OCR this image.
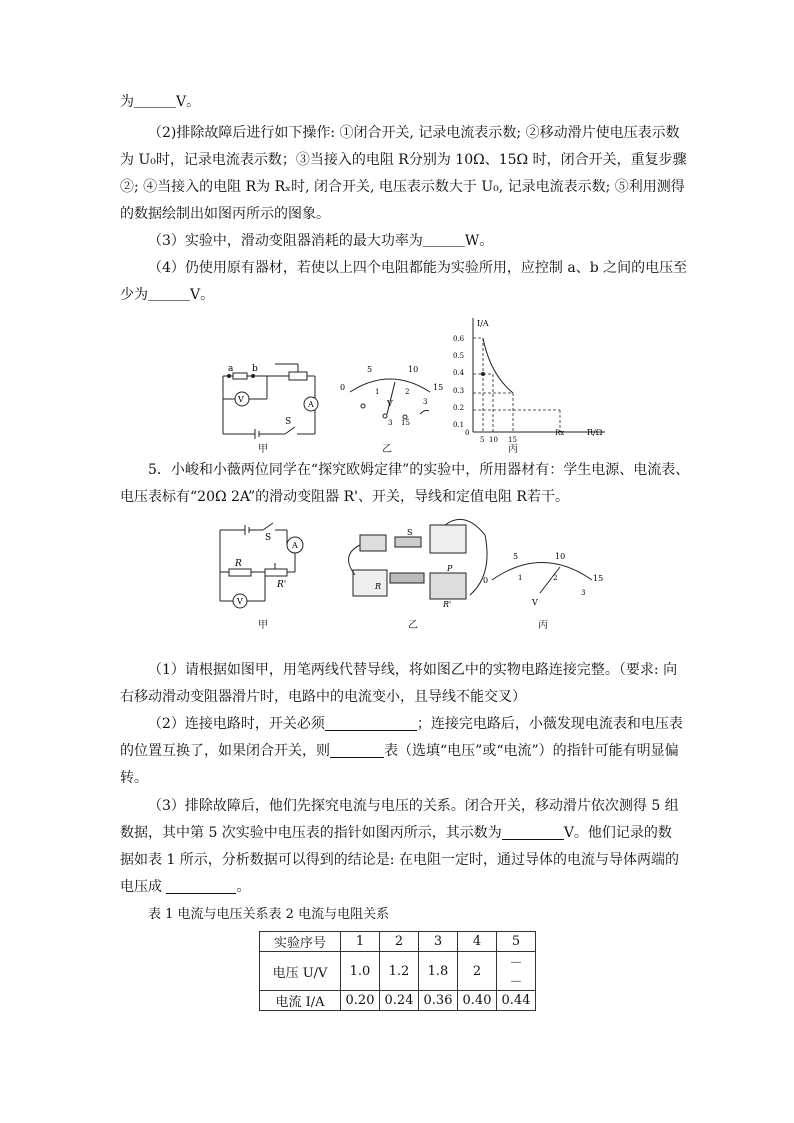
为＿＿＿V。
（2)排除故障后进行如下操作: ①闭合开关, 记录电流表示数; ②移动滑片使电压表示数
为 U₀时，记录电流表示数；③当接入的电阻 R分别为 10Ω、15Ω 时，闭合开关，重复步骤
②; ④当接入的电阻 R为 Rₓ时, 闭合开关, 电压表示数大于 U₀, 记录电流表示数; ⑤利用测得
的数据绘制出如图丙所示的图象。
（3）实验中，滑动变阻器消耗的最大功率为＿＿＿W。
（4）仍使用原有器材，若使以上四个电阻都能为实验所用，应控制 a、b 之间的电压至
少为＿＿＿V。
a b
V
A
S
0
5	10
15
1	2
3
V
3 15
I/A
R/Ω
0.6
0.5
0.4
0.3
0.2
0.1
0
5 10 15
Rx
甲	乙	丙
5．小峻和小薇两位同学在“探究欧姆定律”的实验中，所用器材有：学生电源、电流表、
电压表标有“20Ω 2A”的滑动变阻器 R'、开关，导线和定值电阻 R若干。
S
A
V
R
R'
S
P
R
R'
0
5	10
15
1	2
3
V
甲	乙	丙
（1）请根据如图甲，用笔两线代替导线，将如图乙中的实物电路连接完整。（要求: 向
右移动滑动变阻器滑片时，电路中的电流变小，且导线不能交叉）
（2）连接电路时，开关必须	；连接完电路后，小薇发现电流表和电压表
的位置互换了，如果闭合开关，则	表（选填“电压”或“电流”）的指针可能有明显偏
转。
（3）排除故障后，他们先探究电流与电压的关系。闭合开关，移动滑片依次测得 5 组
数据，其中第 5 次实验中电压表的指针如图丙所示，其示数为	V。他们记录的数
据如表 1 所示，分析数据可以得到的结论是: 在电阻一定时，通过导体的电流与导体两端的
电压成	。
表 1 电流与电压关系表 2 电流与电阻关系
实验序号	1	2	3	4	5
电压 U/V	1.0	1.2	1.8	2	－ －
电流 I/A	0.20	0.24	0.36	0.40	0.44
